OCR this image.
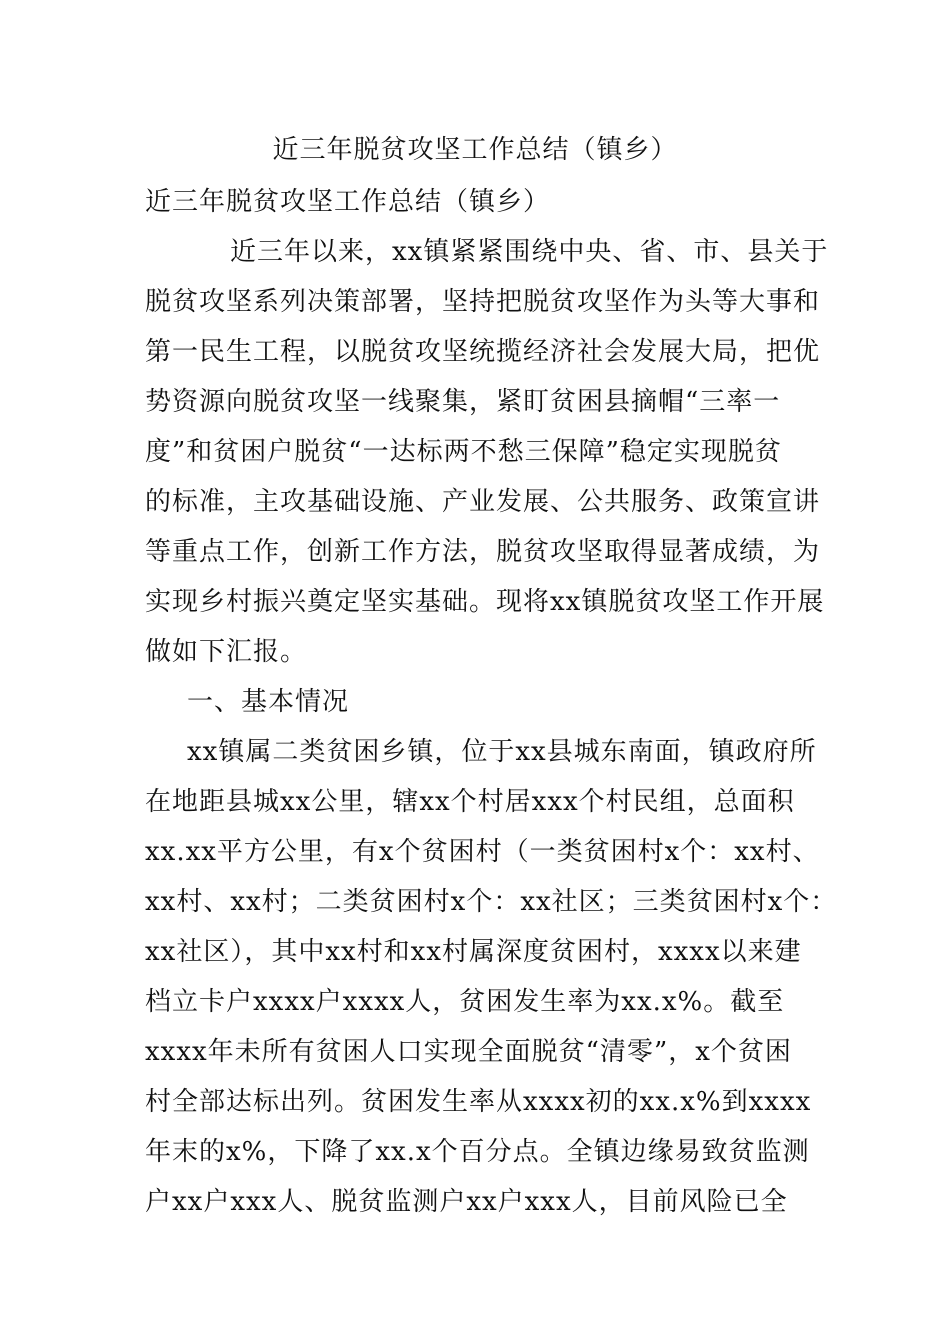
近三年脱贫攻坚工作总结（镇乡）
近三年脱贫攻坚工作总结（镇乡）
近三年以来，xx镇紧紧围绕中央、省、市、县关于
脱贫攻坚系列决策部署，坚持把脱贫攻坚作为头等大事和
第一民生工程，以脱贫攻坚统揽经济社会发展大局，把优
势资源向脱贫攻坚一线聚集，紧盯贫困县摘帽“三率一
度”和贫困户脱贫“一达标两不愁三保障”稳定实现脱贫
的标准，主攻基础设施、产业发展、公共服务、政策宣讲
等重点工作，创新工作方法，脱贫攻坚取得显著成绩，为
实现乡村振兴奠定坚实基础。现将xx镇脱贫攻坚工作开展
做如下汇报。
一、基本情况
xx镇属二类贫困乡镇，位于xx县城东南面，镇政府所
在地距县城xx公里，辖xx个村居xxx个村民组，总面积
xx.xx平方公里，有x个贫困村（一类贫困村x个：xx村、
xx村、xx村；二类贫困村x个：xx社区；三类贫困村x个：
xx社区），其中xx村和xx村属深度贫困村，xxxx以来建
档立卡户xxxx户xxxx人，贫困发生率为xx.x%。截至
xxxx年未所有贫困人口实现全面脱贫“清零”，x个贫困
村全部达标出列。贫困发生率从xxxx初的xx.x%到xxxx
年末的x%，下降了xx.x个百分点。全镇边缘易致贫监测
户xx户xxx人、脱贫监测户xx户xxx人，目前风险已全
